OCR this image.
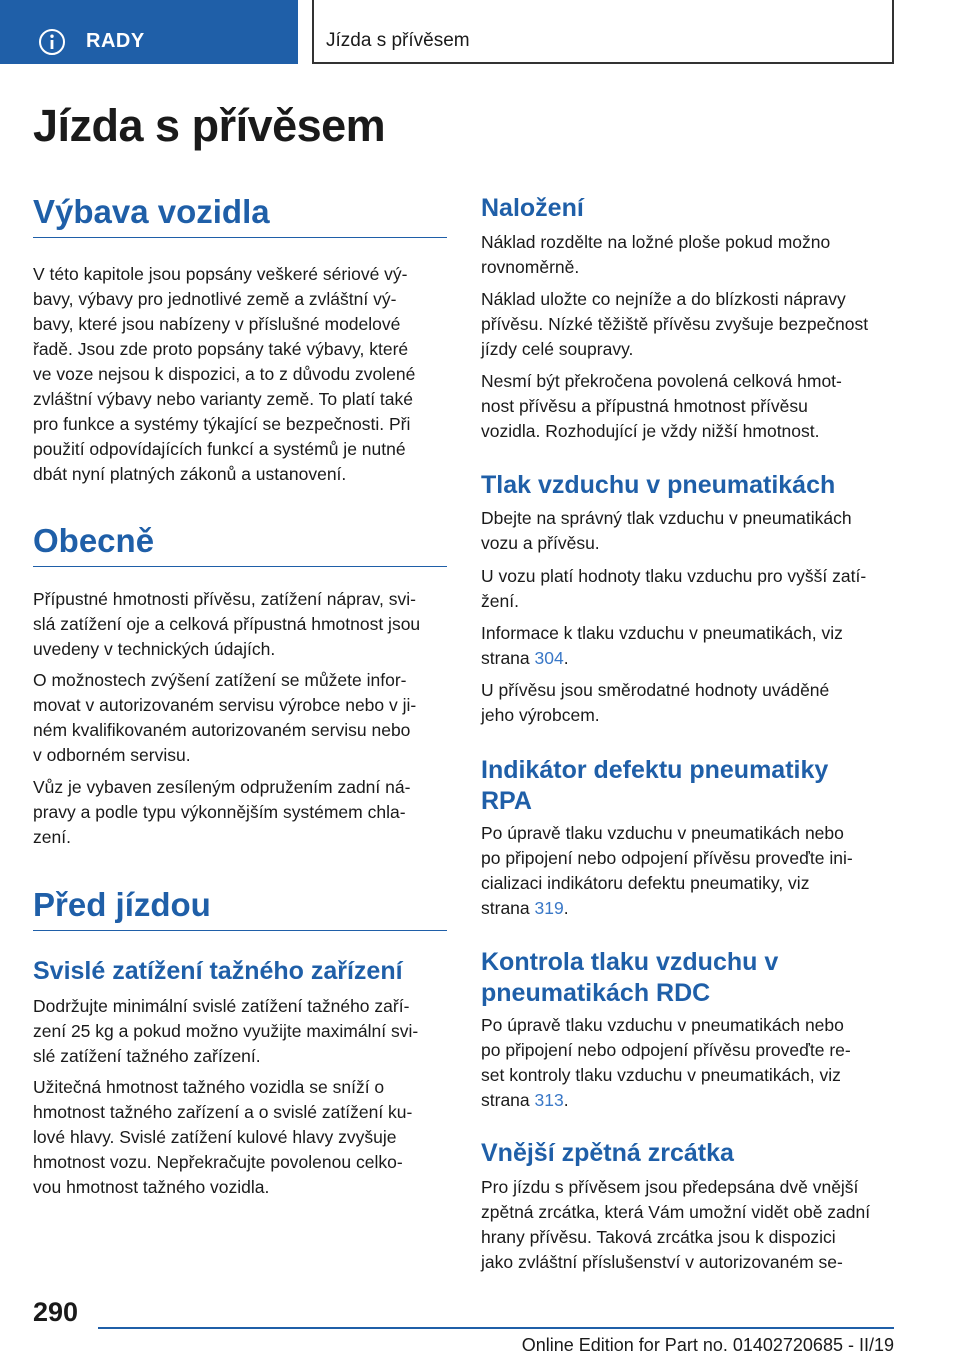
RADY	Jízda s přívěsem
Jízda s přívěsem
Výbava vozidla
V této kapitole jsou popsány veškeré sériové vý-
bavy, výbavy pro jednotlivé země a zvláštní vý-
bavy, které jsou nabízeny v příslušné modelové
řadě. Jsou zde proto popsány také výbavy, které
ve voze nejsou k dispozici, a to z důvodu zvolené
zvláštní výbavy nebo varianty země. To platí také
pro funkce a systémy týkající se bezpečnosti. Při
použití odpovídajících funkcí a systémů je nutné
dbát nyní platných zákonů a ustanovení.
Obecně
Přípustné hmotnosti přívěsu, zatížení náprav, svi-
slá zatížení oje a celková přípustná hmotnost jsou
uvedeny v technických údajích.
O možnostech zvýšení zatížení se můžete infor-
movat v autorizovaném servisu výrobce nebo v ji-
ném kvalifikovaném autorizovaném servisu nebo
v odborném servisu.
Vůz je vybaven zesíleným odpružením zadní ná-
pravy a podle typu výkonnějším systémem chla-
zení.
Před jízdou
Svislé zatížení tažného zařízení
Dodržujte minimální svislé zatížení tažného zaří-
zení 25 kg a pokud možno využijte maximální svi-
slé zatížení tažného zařízení.
Užitečná hmotnost tažného vozidla se sníží o
hmotnost tažného zařízení a o svislé zatížení ku-
lové hlavy. Svislé zatížení kulové hlavy zvyšuje
hmotnost vozu. Nepřekračujte povolenou celko-
vou hmotnost tažného vozidla.
Naložení
Náklad rozdělte na ložné ploše pokud možno
rovnoměrně.
Náklad uložte co nejníže a do blízkosti nápravy
přívěsu. Nízké těžiště přívěsu zvyšuje bezpečnost
jízdy celé soupravy.
Nesmí být překročena povolená celková hmot-
nost přívěsu a přípustná hmotnost přívěsu
vozidla. Rozhodující je vždy nižší hmotnost.
Tlak vzduchu v pneumatikách
Dbejte na správný tlak vzduchu v pneumatikách
vozu a přívěsu.
U vozu platí hodnoty tlaku vzduchu pro vyšší zatí-
žení.
Informace k tlaku vzduchu v pneumatikách, viz
strana 304.
U přívěsu jsou směrodatné hodnoty uváděné
jeho výrobcem.
Indikátor defektu pneumatiky
RPA
Po úpravě tlaku vzduchu v pneumatikách nebo
po připojení nebo odpojení přívěsu proveďte ini-
cializaci indikátoru defektu pneumatiky, viz
strana 319.
Kontrola tlaku vzduchu v
pneumatikách RDC
Po úpravě tlaku vzduchu v pneumatikách nebo
po připojení nebo odpojení přívěsu proveďte re-
set kontroly tlaku vzduchu v pneumatikách, viz
strana 313.
Vnější zpětná zrcátka
Pro jízdu s přívěsem jsou předepsána dvě vnější
zpětná zrcátka, která Vám umožní vidět obě zadní
hrany přívěsu. Taková zrcátka jsou k dispozici
jako zvláštní příslušenství v autorizovaném se-
290
Online Edition for Part no. 01402720685 - II/19
